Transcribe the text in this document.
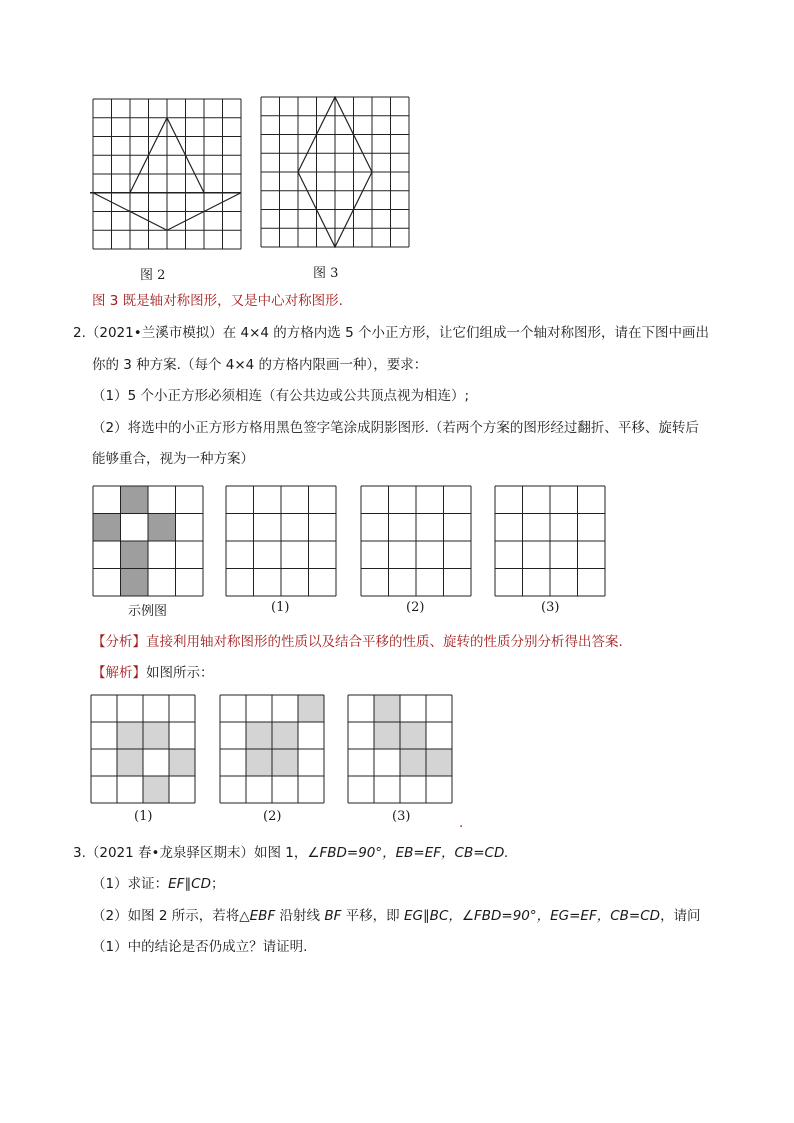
图 2	图 3
图 3 既是轴对称图形，又是中心对称图形.
2.（2021•兰溪市模拟）在 4×4 的方格内选 5 个小正方形，让它们组成一个轴对称图形，请在下图中画出
你的 3 种方案.（每个 4×4 的方格内限画一种），要求：
（1）5 个小正方形必须相连（有公共边或公共顶点视为相连）;
（2）将选中的小正方形方格用黑色签字笔涂成阴影图形.（若两个方案的图形经过翻折、平移、旋转后
能够重合，视为一种方案）
示例图	(1)	(2)	(3)
【分析】直接利用轴对称图形的性质以及结合平移的性质、旋转的性质分别分析得出答案.
【解析】如图所示：
(1)	(2)	(3)	.
3.（2021 春•龙泉驿区期末）如图 1，∠FBD=90°，EB=EF，CB=CD.
（1）求证：EF∥CD；
（2）如图 2 所示，若将△EBF 沿射线 BF 平移，即 EG∥BC，∠FBD=90°，EG=EF，CB=CD，请问
（1）中的结论是否仍成立？请证明.
